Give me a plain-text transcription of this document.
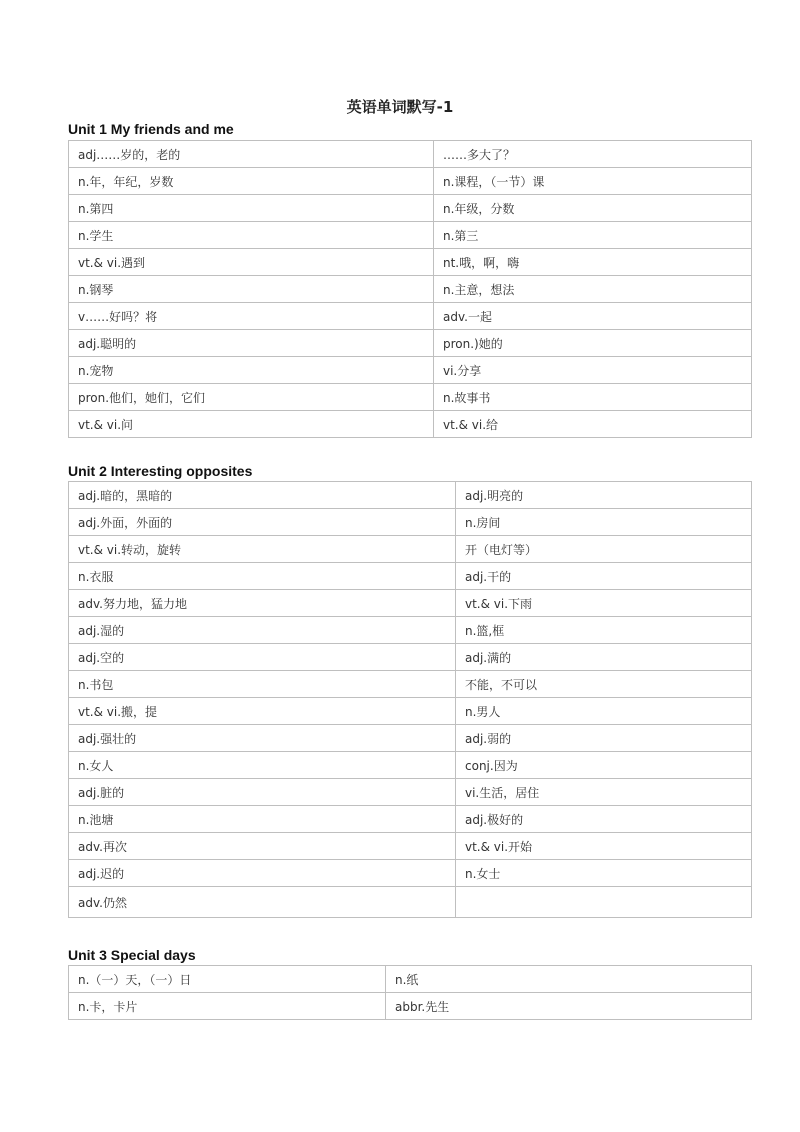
英语单词默写-1
Unit 1 My friends and me
adj……岁的，老的	……多大了？
n.年，年纪，岁数	n.课程，（一节）课
n.第四	n.年级，分数
n.学生	n.第三
vt.& vi.遇到	nt.哦，啊，嗨
n.钢琴	n.主意，想法
v……好吗？将	adv.一起
adj.聪明的	pron.)她的
n.宠物	vi.分享
pron.他们，她们，它们	n.故事书
vt.& vi.问	vt.& vi.给
Unit 2 Interesting opposites
adj.暗的，黑暗的	adj.明亮的
adj.外面，外面的	n.房间
vt.& vi.转动，旋转	开（电灯等）
n.衣服	adj.干的
adv.努力地，猛力地	vt.& vi.下雨
adj.湿的	n.篮,框
adj.空的	adj.满的
n.书包	不能，不可以
vt.& vi.搬，提	n.男人
adj.强壮的	adj.弱的
n.女人	conj.因为
adj.脏的	vi.生活，居住
n.池塘	adj.极好的
adv.再次	vt.& vi.开始
adj.迟的	n.女士
adv.仍然	
Unit 3 Special days
n.（一）天，（一）日	n.纸
n.卡，卡片	abbr.先生
